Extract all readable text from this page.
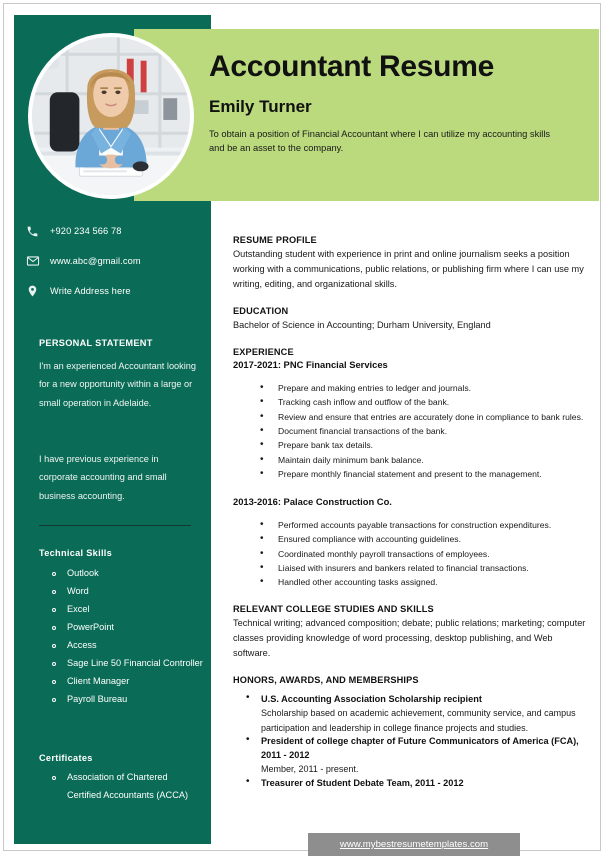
Accountant Resume
Emily Turner

To obtain a position of Financial Accountant where I can utilize my accounting skills and be an asset to the company.

+920 234 566 78
www.abc@gmail.com
Write Address here
PERSONAL STATEMENT
I'm an experienced Accountant looking for a new opportunity within a large or small operation in Adelaide.
I have previous experience in corporate accounting and small business accounting.
Technical Skills
Outlook
Word
Excel
PowerPoint
Access
Sage Line 50 Financial Controller
Client Manager
Payroll Bureau
Certificates
Association of Chartered Certified Accountants (ACCA)
RESUME PROFILE

Outstanding student with experience in print and online journalism seeks a position working with a communications, public relations, or publishing firm where I can use my writing, editing, and organizational skills.

EDUCATION

Bachelor of Science in Accounting; Durham University, England

EXPERIENCE
2017-2021: PNC Financial Services
• Prepare and making entries to ledger and journals.
• Tracking cash inflow and outflow of the bank.
• Review and ensure that entries are accurately done in compliance to bank rules.
• Document financial transactions of the bank.
• Prepare bank tax details.
• Maintain daily minimum bank balance.
• Prepare monthly financial statement and present to the management.
2013-2016: Palace Construction Co.
• Performed accounts payable transactions for construction expenditures.
• Ensured compliance with accounting guidelines.
• Coordinated monthly payroll transactions of employees.
• Liaised with insurers and bankers related to financial transactions.
• Handled other accounting tasks assigned.
RELEVANT COLLEGE STUDIES AND SKILLS

Technical writing; advanced composition; debate; public relations; marketing; computer classes providing knowledge of word processing, desktop publishing, and Web software.

HONORS, AWARDS, AND MEMBERSHIPS
• U.S. Accounting Association Scholarship recipient
Scholarship based on academic achievement, community service, and campus participation and leadership in college finance projects and studies.
• President of college chapter of Future Communicators of America (FCA), 2011 - 2012
Member, 2011 - present.
• Treasurer of Student Debate Team, 2011 - 2012
www.mybestresumetemplates.com
